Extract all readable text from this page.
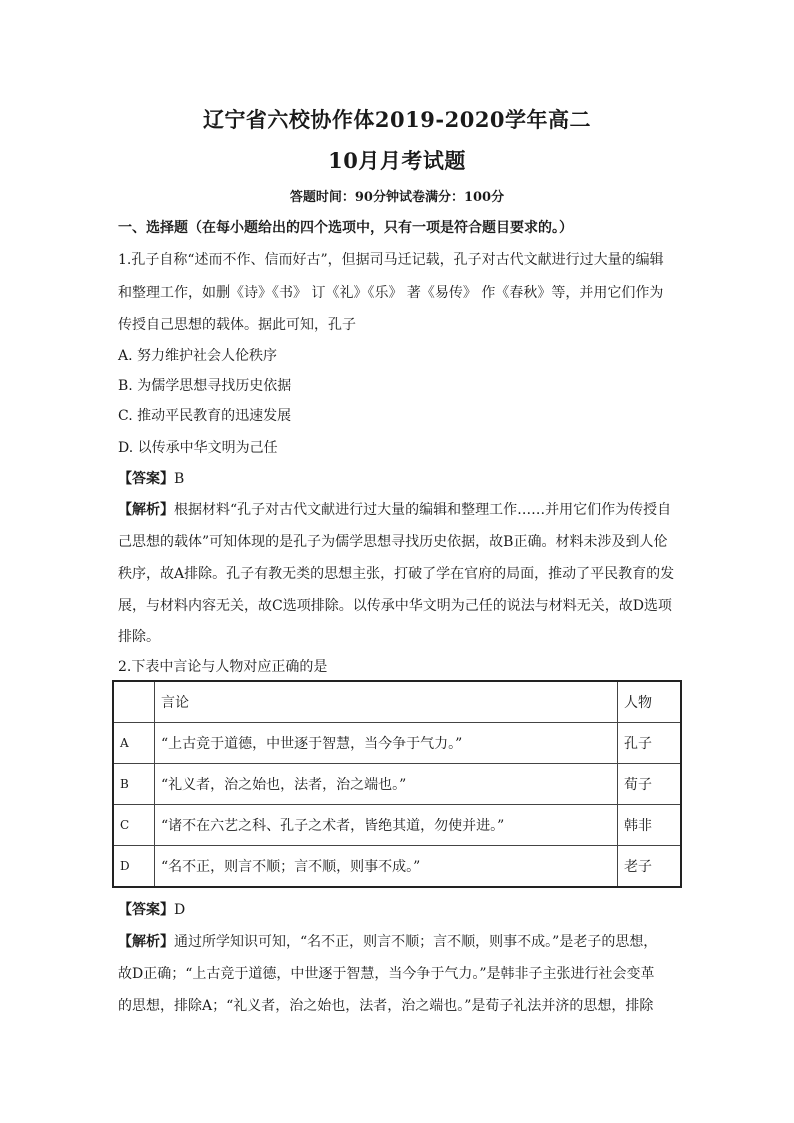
辽宁省六校协作体2019-2020学年高二
10月月考试题
答题时间：90分钟试卷满分：100分
一、选择题（在每小题给出的四个选项中，只有一项是符合题目要求的。）
1.孔子自称“述而不作、信而好古”，但据司马迁记载，孔子对古代文献进行过大量的编辑
和整理工作，如删《诗》《书》 订《礼》《乐》 著《易传》 作《春秋》等，并用它们作为
传授自己思想的载体。据此可知，孔子
A. 努力维护社会人伦秩序
B. 为儒学思想寻找历史依据
C. 推动平民教育的迅速发展
D. 以传承中华文明为己任
【答案】B
【解析】根据材料“孔子对古代文献进行过大量的编辑和整理工作……并用它们作为传授自
己思想的载体”可知体现的是孔子为儒学思想寻找历史依据，故B正确。材料未涉及到人伦
秩序，故A排除。孔子有教无类的思想主张，打破了学在官府的局面，推动了平民教育的发
展，与材料内容无关，故C选项排除。以传承中华文明为己任的说法与材料无关，故D选项
排除。
2.下表中言论与人物对应正确的是
	言论	人物
A	“上古竞于道德，中世逐于智慧，当今争于气力。”	孔子
B	“礼义者，治之始也，法者，治之端也。”	荀子
C	“诸不在六艺之科、孔子之术者，皆绝其道，勿使并进。”	韩非
D	“名不正，则言不顺；言不顺，则事不成。”	老子
【答案】D
【解析】通过所学知识可知，“名不正，则言不顺；言不顺，则事不成。”是老子的思想，
故D正确；“上古竞于道德，中世逐于智慧，当今争于气力。”是韩非子主张进行社会变革
的思想，排除A；“礼义者，治之始也，法者，治之端也。”是荀子礼法并济的思想，排除
